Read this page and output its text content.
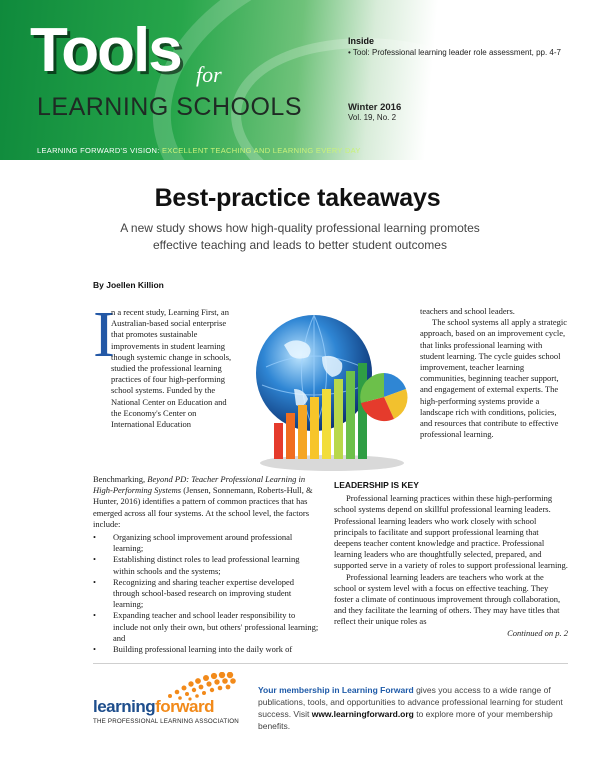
Tools for
LEARNING SCHOOLS
LEARNING FORWARD'S VISION: EXCELLENT TEACHING AND LEARNING EVERY DAY
Inside
• Tool: Professional learning leader role assessment, pp. 4-7
Winter 2016
Vol. 19, No. 2
Best-practice takeaways
A new study shows how high-quality professional learning promotes effective teaching and leads to better student outcomes
By Joellen Killion
I

n a recent study, Learning First, an Australian-based social enterprise that promotes sustainable improvements in student learning though systemic change in schools, studied the professional learning practices of four high-performing school systems. Funded by the National Center on Education and the Economy's Center on International Education

Benchmarking, Beyond PD: Teacher Professional Learning in High-Performing Systems (Jensen, Sonnemann, Roberts-Hull, & Hunter, 2016) identifies a pattern of common practices that has emerged across all four systems. At the school level, the factors include:

• Organizing school improvement around professional learning;
• Establishing distinct roles to lead professional learning within schools and the systems;
• Recognizing and sharing teacher expertise developed through school-based research on improving student learning;
• Expanding teacher and school leader responsibility to include not only their own, but others' professional learning; and
• Building professional learning into the daily work of

teachers and school leaders.

The school systems all apply a strategic approach, based on an improvement cycle, that links professional learning with student learning. The cycle guides school improvement, teacher learning communities, beginning teacher support, and engagement of external experts. The high-performing systems provide a landscape rich with conditions, policies, and resources that contribute to effective professional learning.

LEADERSHIP IS KEY

Professional learning practices within these high-performing school systems depend on skillful professional learning leaders. Professional learning leaders who work closely with school principals to facilitate and support professional learning that deepens teacher content knowledge and practice. Professional learning leaders who are thoughtfully selected, prepared, and supported serve in a variety of roles to support professional learning.

Professional learning leaders are teachers who work at the school or system level with a focus on effective teaching. They foster a climate of continuous improvement through collaboration, and they facilitate the learning of others. They may have titles that reflect their unique roles as

Continued on p. 2

learningforward
THE PROFESSIONAL LEARNING ASSOCIATION
Your membership in Learning Forward gives you access to a wide range of publications, tools, and opportunities to advance professional learning for student success. Visit www.learningforward.org to explore more of your membership benefits.
